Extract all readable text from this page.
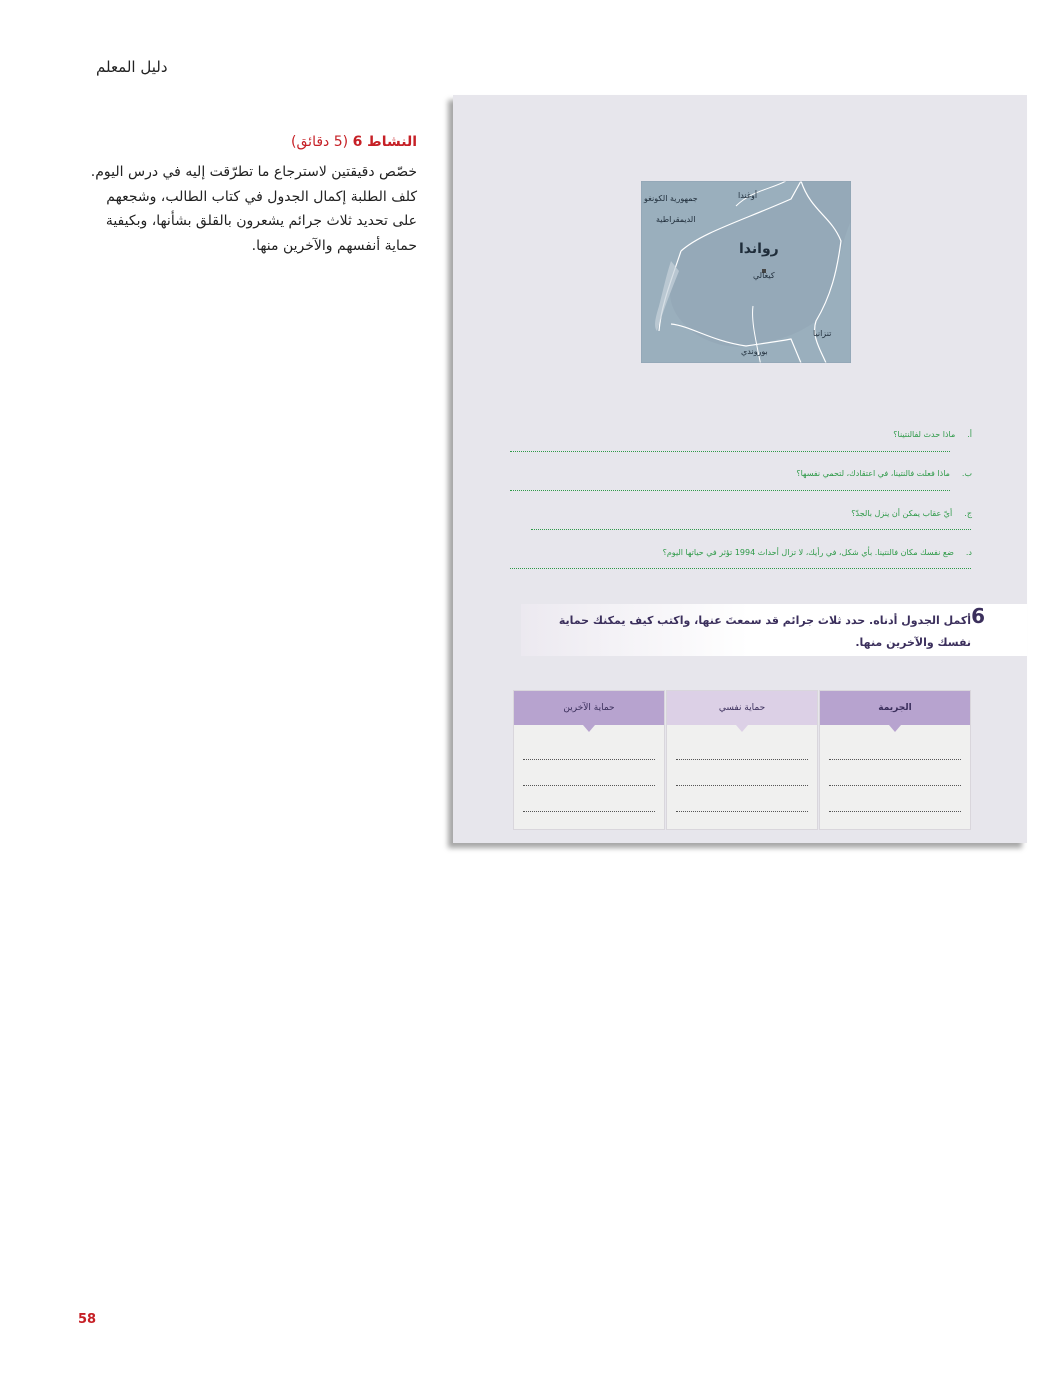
دليل المعلم
النشاط 6 (5 دقائق)
خصّص دقيقتين لاسترجاع ما تطرّقت إليه في درس اليوم. كلف الطلبة إكمال الجدول في كتاب الطالب، وشجعهم على تحديد ثلاث جرائم يشعرون بالقلق بشأنها، وبكيفية حماية أنفسهم والآخرين منها.
جمهورية الكونغو
الديمقراطية
أوغندا
رواندا
كيغالي
تنزانيا
بوروندي
أ.ماذا حدث لفالنتينا؟
ب.ماذا فعلت فالنتينا، في اعتقادك، لتحمي نفسها؟
ج.أيّ عقاب يمكن أن ينزل بالجدّ؟
د.ضع نفسك مكان فالنتينا. بأي شكل، في رأيك، لا تزال أحداث 1994 تؤثر في حياتها اليوم؟
6
أكمل الجدول أدناه. حدد ثلاث جرائم قد سمعتَ عنها، واكتب كيف يمكنك حماية نفسك والآخرين منها.
الجريمة
حماية نفسي
حماية الآخرين
58
